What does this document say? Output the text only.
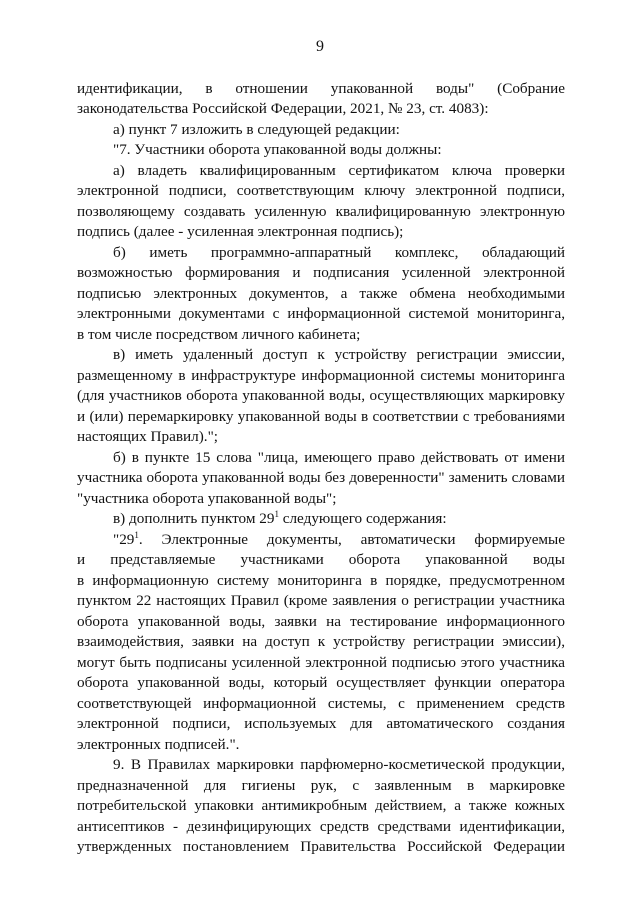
9
идентификации, в отношении упакованной воды" (Собрание
законодательства Российской Федерации, 2021, № 23, ст. 4083):
а) пункт 7 изложить в следующей редакции:
"7. Участники оборота упакованной воды должны:
а) владеть квалифицированным сертификатом ключа проверки
электронной подписи, соответствующим ключу электронной подписи,
позволяющему создавать усиленную квалифицированную электронную
подпись (далее - усиленная электронная подпись);
б) иметь программно-аппаратный комплекс, обладающий
возможностью формирования и подписания усиленной электронной
подписью электронных документов, а также обмена необходимыми
электронными документами с информационной системой мониторинга,
в том числе посредством личного кабинета;
в) иметь удаленный доступ к устройству регистрации эмиссии,
размещенному в инфраструктуре информационной системы мониторинга
(для участников оборота упакованной воды, осуществляющих маркировку
и (или) перемаркировку упакованной воды в соответствии с требованиями
настоящих Правил).";
б) в пункте 15 слова "лица, имеющего право действовать от имени
участника оборота упакованной воды без доверенности" заменить словами
"участника оборота упакованной воды";
в) дополнить пунктом $29^1$ следующего содержания:
"$29^1$. Электронные документы, автоматически формируемые
и представляемые участниками оборота упакованной воды
в информационную систему мониторинга в порядке, предусмотренном
пунктом 22 настоящих Правил (кроме заявления о регистрации участника
оборота упакованной воды, заявки на тестирование информационного
взаимодействия, заявки на доступ к устройству регистрации эмиссии),
могут быть подписаны усиленной электронной подписью этого участника
оборота упакованной воды, который осуществляет функции оператора
соответствующей информационной системы, с применением средств
электронной подписи, используемых для автоматического создания
электронных подписей.".
9. В Правилах маркировки парфюмерно-косметической продукции,
предназначенной для гигиены рук, с заявленным в маркировке
потребительской упаковки антимикробным действием, а также кожных
антисептиков - дезинфицирующих средств средствами идентификации,
утвержденных постановлением Правительства Российской Федерации
